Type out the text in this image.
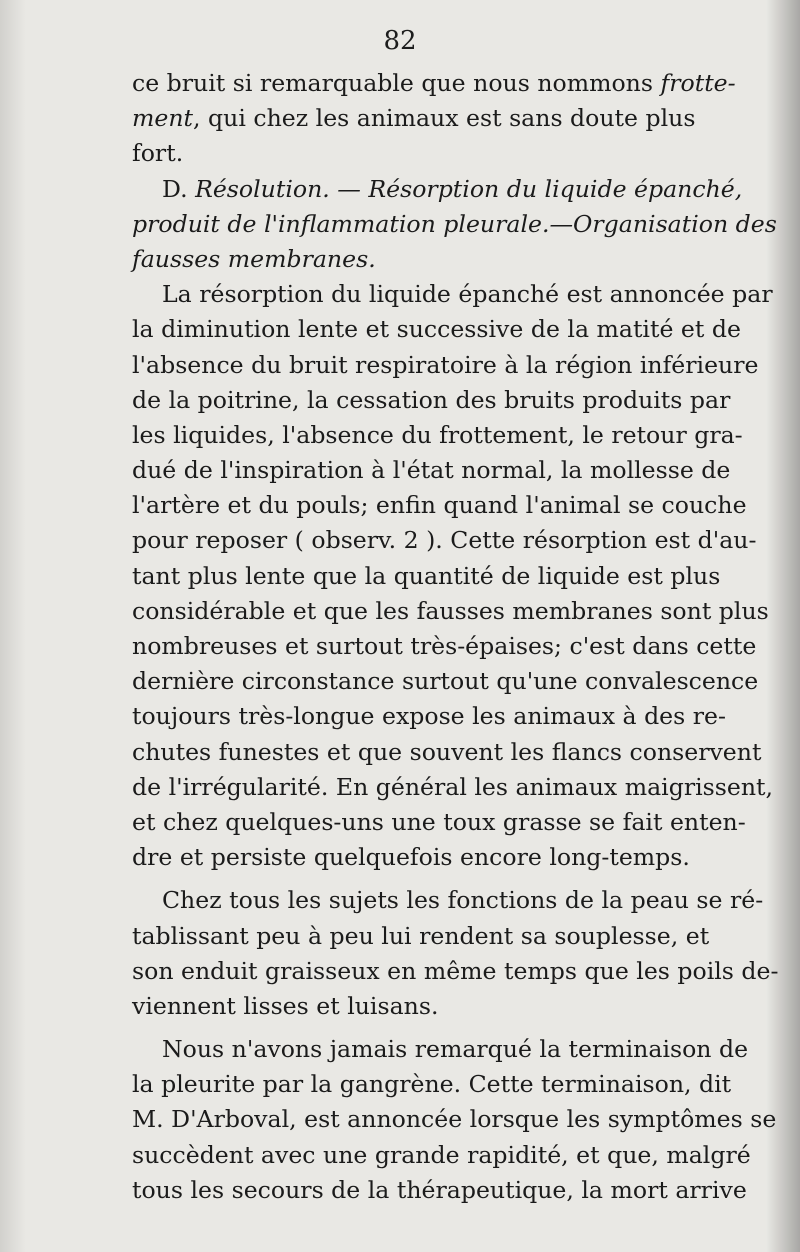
82
ce bruit si remarquable que nous nommons frotte-
ment, qui chez les animaux est sans doute plus
fort.
D. Résolution. — Résorption du liquide épanché,
produit de l'inflammation pleurale.—Organisation des
fausses membranes.
La résorption du liquide épanché est annoncée par
la diminution lente et successive de la matité et de
l'absence du bruit respiratoire à la région inférieure
de la poitrine, la cessation des bruits produits par
les liquides, l'absence du frottement, le retour gra-
dué de l'inspiration à l'état normal, la mollesse de
l'artère et du pouls; enfin quand l'animal se couche
pour reposer ( observ. 2 ). Cette résorption est d'au-
tant plus lente que la quantité de liquide est plus
considérable et que les fausses membranes sont plus
nombreuses et surtout très-épaises; c'est dans cette
dernière circonstance surtout qu'une convalescence
toujours très-longue expose les animaux à des re-
chutes funestes et que souvent les flancs conservent
de l'irrégularité. En général les animaux maigrissent,
et chez quelques-uns une toux grasse se fait enten-
dre et persiste quelquefois encore long-temps.
Chez tous les sujets les fonctions de la peau se ré-
tablissant peu à peu lui rendent sa souplesse, et
son enduit graisseux en même temps que les poils de-
viennent lisses et luisans.
Nous n'avons jamais remarqué la terminaison de
la pleurite par la gangrène. Cette terminaison, dit
M. D'Arboval, est annoncée lorsque les symptômes se
succèdent avec une grande rapidité, et que, malgré
tous les secours de la thérapeutique, la mort arrive
